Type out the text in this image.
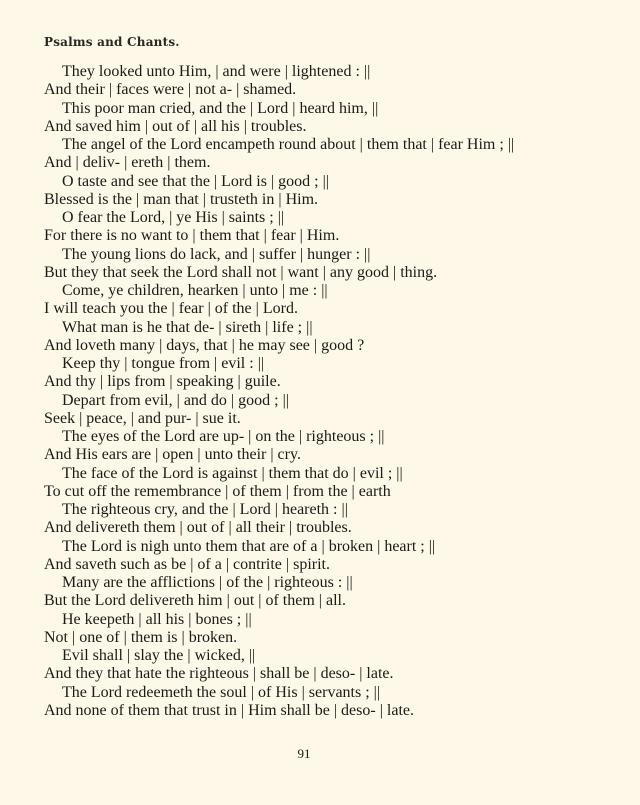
Psalms and Chants.
They looked unto Him, | and were | lightened : ||
And their | faces were | not a- | shamed.
This poor man cried, and the | Lord | heard him, ||
And saved him | out of | all his | troubles.
The angel of the Lord encampeth round about | them that | fear Him ; ||
And | deliv- | ereth | them.
O taste and see that the | Lord is | good ; ||
Blessed is the | man that | trusteth in | Him.
O fear the Lord, | ye His | saints ; ||
For there is no want to | them that | fear | Him.
The young lions do lack, and | suffer | hunger : ||
But they that seek the Lord shall not | want | any good | thing.
Come, ye children, hearken | unto | me : ||
I will teach you the | fear | of the | Lord.
What man is he that de- | sireth | life ; ||
And loveth many | days, that | he may see | good ?
Keep thy | tongue from | evil : ||
And thy | lips from | speaking | guile.
Depart from evil, | and do | good ; ||
Seek | peace, | and pur- | sue it.
The eyes of the Lord are up- | on the | righteous ; ||
And His ears are | open | unto their | cry.
The face of the Lord is against | them that do | evil ; ||
To cut off the remembrance | of them | from the | earth
The righteous cry, and the | Lord | heareth : ||
And delivereth them | out of | all their | troubles.
The Lord is nigh unto them that are of a | broken | heart ; ||
And saveth such as be | of a | contrite | spirit.
Many are the afflictions | of the | righteous : ||
But the Lord delivereth him | out | of them | all.
He keepeth | all his | bones ; ||
Not | one of | them is | broken.
Evil shall | slay the | wicked, ||
And they that hate the righteous | shall be | deso- | late.
The Lord redeemeth the soul | of His | servants ; ||
And none of them that trust in | Him shall be | deso- | late.
91
